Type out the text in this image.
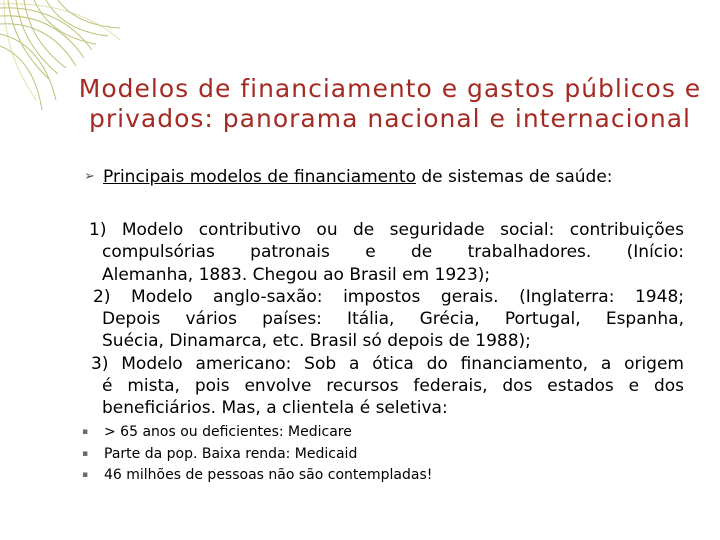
Modelos de financiamento e gastos públicos e
privados: panorama nacional e internacional
➢ Principais modelos de financiamento de sistemas de saúde:
1) Modelo contributivo ou de seguridade social: contribuições
compulsórias patronais e de trabalhadores. (Início:
Alemanha, 1883. Chegou ao Brasil em 1923);
2) Modelo anglo-saxão: impostos gerais. (Inglaterra: 1948;
Depois vários países: Itália, Grécia, Portugal, Espanha,
Suécia, Dinamarca, etc. Brasil só depois de 1988);
3) Modelo americano: Sob a ótica do financiamento, a origem
é mista, pois envolve recursos federais, dos estados e dos
beneficiários. Mas, a clientela é seletiva:
▪ > 65 anos ou deficientes: Medicare
▪ Parte da pop. Baixa renda: Medicaid
▪ 46 milhões de pessoas não são contempladas!
